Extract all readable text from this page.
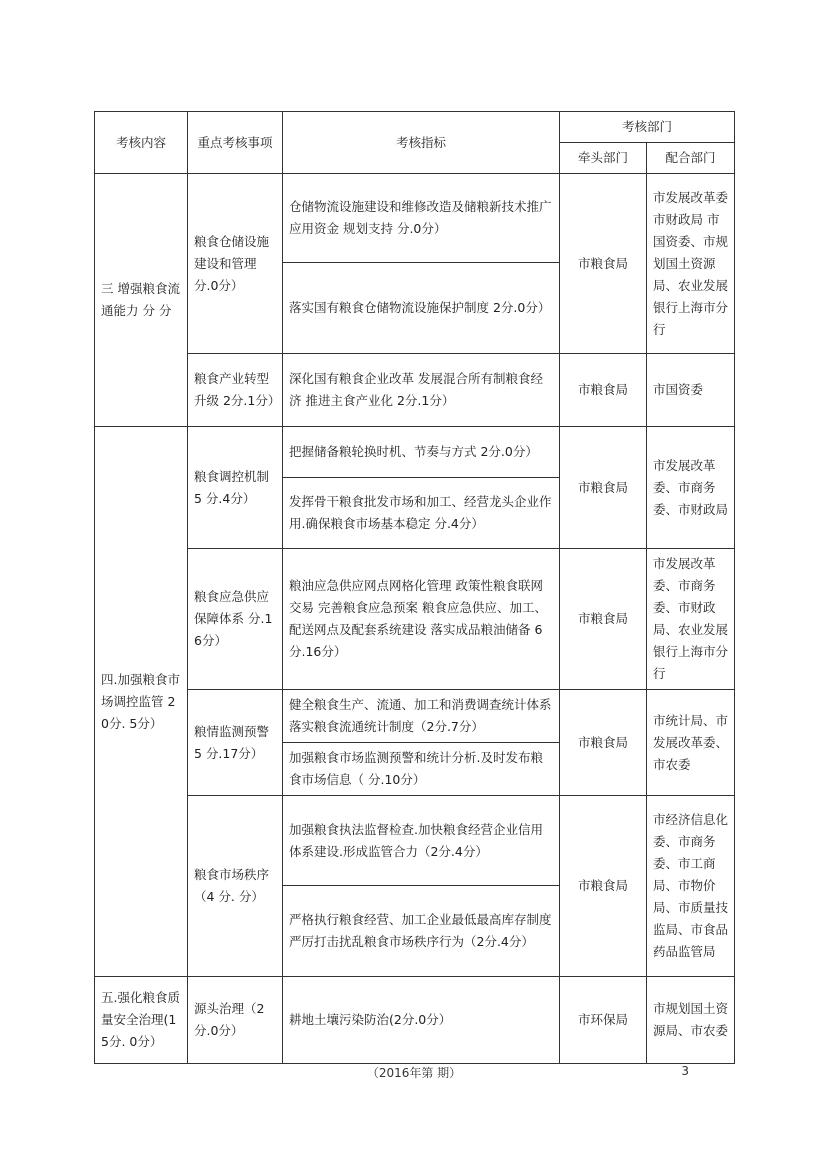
考核内容	重点考核事项	考核指标	考核部门	
			牵头部门	配合部门
三 增强粮食流通能力 分 分	粮食仓储设施建设和管理 分.0分）	仓储物流设施建设和维修改造及储粮新技术推广应用资金 规划支持 分.0分）	市粮食局	市发展改革委 市财政局 市国资委、市规划国土资源局、农业发展银行上海市分行
		落实国有粮食仓储物流设施保护制度 2分.0分）		
	粮食产业转型升级 2分.1分）	深化国有粮食企业改革 发展混合所有制粮食经济 推进主食产业化 2分.1分）	市粮食局	市国资委
四.加强粮食市场调控监管 20分. 5分）	粮食调控机制 5 分.4分）	把握储备粮轮换时机、节奏与方式 2分.0分）	市粮食局	市发展改革委、市商务委、市财政局
		发挥骨干粮食批发市场和加工、经营龙头企业作用.确保粮食市场基本稳定 分.4分）		
	粮食应急供应保障体系 分.16分）	粮油应急供应网点网格化管理 政策性粮食联网交易 完善粮食应急预案 粮食应急供应、加工、配送网点及配套系统建设 落实成品粮油储备 6分.16分）	市粮食局	市发展改革委、市商务委、市财政局、农业发展银行上海市分行
	粮情监测预警 5 分.17分）	健全粮食生产、流通、加工和消费调查统计体系 落实粮食流通统计制度（2分.7分）	市粮食局	市统计局、市发展改革委、市农委
		加强粮食市场监测预警和统计分析.及时发布粮食市场信息（ 分.10分）		
	粮食市场秩序（4 分. 分）	加强粮食执法监督检查.加快粮食经营企业信用体系建设.形成监管合力（2分.4分）	市粮食局	市经济信息化委、市商务委、市工商局、市物价局、市质量技监局、市食品药品监管局
		严格执行粮食经营、加工企业最低最高库存制度 严厉打击扰乱粮食市场秩序行为（2分.4分）		
五.强化粮食质量安全治理(15分. 0分）	源头治理（2分.0分）	耕地土壤污染防治(2分.0分）	市环保局	市规划国土资源局、市农委
（2016年第 期）	3
